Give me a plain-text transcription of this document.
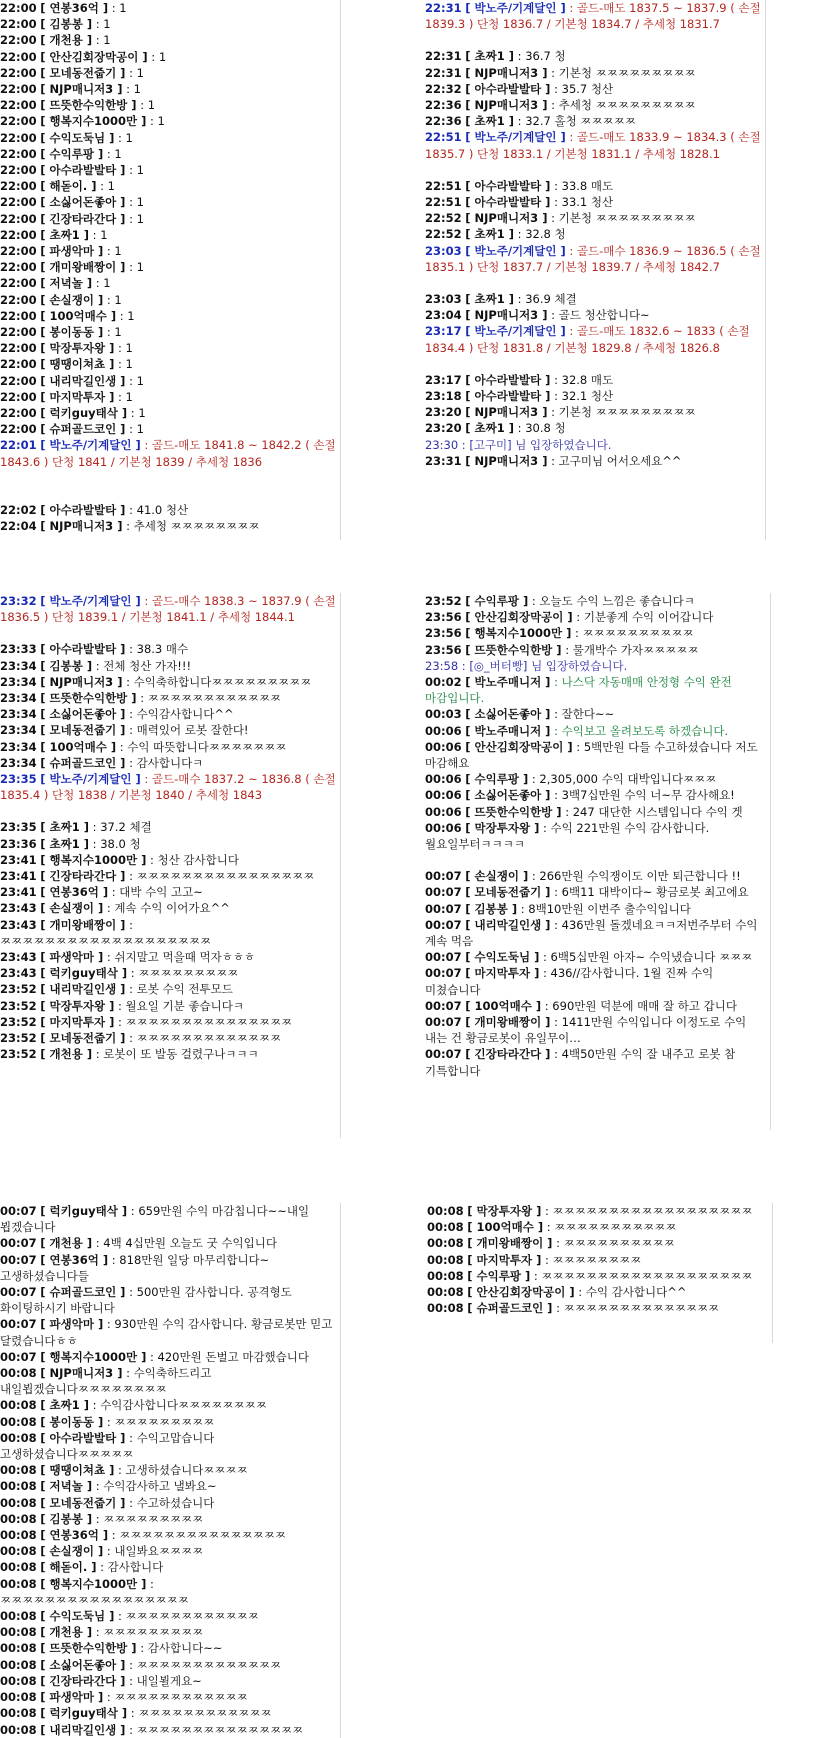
22:00 [ 연봉36억 ] : 1
22:00 [ 김봉봉 ] : 1
22:00 [ 개천용 ] : 1
22:00 [ 안산김회장막공이 ] : 1
22:00 [ 모네동전줍기 ] : 1
22:00 [ NJP매니저3 ] : 1
22:00 [ 뜨뜻한수익한방 ] : 1
22:00 [ 행복지수1000만 ] : 1
22:00 [ 수익도둑님 ] : 1
22:00 [ 수익루팡 ] : 1
22:00 [ 아수라발발타 ] : 1
22:00 [ 해돋이. ] : 1
22:00 [ 소싫어돈좋아 ] : 1
22:00 [ 긴장타라간다 ] : 1
22:00 [ 초짜1 ] : 1
22:00 [ 파생악마 ] : 1
22:00 [ 개미왕배짱이 ] : 1
22:00 [ 저녁놀 ] : 1
22:00 [ 손실쟁이 ] : 1
22:00 [ 100억매수 ] : 1
22:00 [ 봉이동동 ] : 1
22:00 [ 막장투자왕 ] : 1
22:00 [ 땡땡이쳐쵸 ] : 1
22:00 [ 내리막길인생 ] : 1
22:00 [ 마지막투자 ] : 1
22:00 [ 럭키guy태삭 ] : 1
22:00 [ 슈퍼골드코인 ] : 1
22:01 [ 박노주/기계달인 ] : 골드-매도 1841.8 ~ 1842.2 ( 손절 1843.6 ) 단청 1841 / 기본청 1839 / 추세청 1836
22:02 [ 아수라발발타 ] : 41.0 청산
22:04 [ NJP매니저3 ] : 추세청 ㅉㅉㅉㅉㅉㅉㅉㅉ
22:31 [ 박노주/기계달인 ] : 골드-매도 1837.5 ~ 1837.9 ( 손절 1839.3 ) 단청 1836.7 / 기본청 1834.7 / 추세청 1831.7
22:31 [ 초짜1 ] : 36.7 청
22:31 [ NJP매니저3 ] : 기본청 ㅉㅉㅉㅉㅉㅉㅉㅉㅉ
22:32 [ 아수라발발타 ] : 35.7 청산
22:36 [ NJP매니저3 ] : 추세청 ㅉㅉㅉㅉㅉㅉㅉㅉㅉ
22:36 [ 초짜1 ] : 32.7 홀청 ㅉㅉㅉㅉㅉ
22:51 [ 박노주/기계달인 ] : 골드-매도 1833.9 ~ 1834.3 ( 손절 1835.7 ) 단청 1833.1 / 기본청 1831.1 / 추세청 1828.1
22:51 [ 아수라발발타 ] : 33.8 매도
22:51 [ 아수라발발타 ] : 33.1 청산
22:52 [ NJP매니저3 ] : 기본청 ㅉㅉㅉㅉㅉㅉㅉㅉㅉ
22:52 [ 초짜1 ] : 32.8 청
23:03 [ 박노주/기계달인 ] : 골드-매수 1836.9 ~ 1836.5 ( 손절 1835.1 ) 단청 1837.7 / 기본청 1839.7 / 추세청 1842.7
23:03 [ 초짜1 ] : 36.9 체결
23:04 [ NJP매니저3 ] : 골드 청산합니다~
23:17 [ 박노주/기계달인 ] : 골드-매도 1832.6 ~ 1833 ( 손절 1834.4 ) 단청 1831.8 / 기본청 1829.8 / 추세청 1826.8
23:17 [ 아수라발발타 ] : 32.8 매도
23:18 [ 아수라발발타 ] : 32.1 청산
23:20 [ NJP매니저3 ] : 기본청 ㅉㅉㅉㅉㅉㅉㅉㅉㅉ
23:20 [ 초짜1 ] : 30.8 청
23:30 : [고구미] 님 입장하였습니다.
23:31 [ NJP매니저3 ] : 고구미님 어서오세요^^
23:32 [ 박노주/기계달인 ] : 골드-매수 1838.3 ~ 1837.9 ( 손절 1836.5 ) 단청 1839.1 / 기본청 1841.1 / 추세청 1844.1
23:33 [ 아수라발발타 ] : 38.3 매수
23:34 [ 김봉봉 ] : 전체 청산 가자!!!
23:34 [ NJP매니저3 ] : 수익축하합니다ㅉㅉㅉㅉㅉㅉㅉㅉㅉ
23:34 [ 뜨뜻한수익한방 ] : ㅉㅉㅉㅉㅉㅉㅉㅉㅉㅉㅉㅉ
23:34 [ 소싫어돈좋아 ] : 수익감사합니다^^
23:34 [ 모네동전줍기 ] : 매력있어 로봇 잘한다!
23:34 [ 100억매수 ] : 수익 따뜻합니다ㅉㅉㅉㅉㅉㅉㅉ
23:34 [ 슈퍼골드코인 ] : 감사합니다ㅋ
23:35 [ 박노주/기계달인 ] : 골드-매수 1837.2 ~ 1836.8 ( 손절 1835.4 ) 단청 1838 / 기본청 1840 / 추세청 1843
23:35 [ 초짜1 ] : 37.2 체결
23:36 [ 초짜1 ] : 38.0 청
23:41 [ 행복지수1000만 ] : 청산 감사합니다
23:41 [ 긴장타라간다 ] : ㅉㅉㅉㅉㅉㅉㅉㅉㅉㅉㅉㅉㅉㅉㅉㅉ
23:41 [ 연봉36억 ] : 대박 수익 고고~
23:43 [ 손실쟁이 ] : 계속 수익 이어가요^^
23:43 [ 개미왕배짱이 ] : ㅉㅉㅉㅉㅉㅉㅉㅉㅉㅉㅉㅉㅉㅉㅉㅉㅉㅉㅉ
23:43 [ 파생악마 ] : 쉬지말고 먹을때 먹자ㅎㅎㅎ
23:43 [ 럭키guy태삭 ] : ㅉㅉㅉㅉㅉㅉㅉㅉㅉ
23:52 [ 내리막길인생 ] : 로봇 수익 전투모드
23:52 [ 막장투자왕 ] : 월요일 기분 좋습니다ㅋ
23:52 [ 마지막투자 ] : ㅉㅉㅉㅉㅉㅉㅉㅉㅉㅉㅉㅉㅉㅉㅉ
23:52 [ 모네동전줍기 ] : ㅉㅉㅉㅉㅉㅉㅉㅉㅉㅉㅉㅉㅉ
23:52 [ 개천용 ] : 로봇이 또 발동 걸렸구나ㅋㅋㅋ
23:52 [ 수익루팡 ] : 오늘도 수익 느낌은 좋습니다ㅋ
23:56 [ 안산김회장막공이 ] : 기분좋게 수익 이어갑니다
23:56 [ 행복지수1000만 ] : ㅉㅉㅉㅉㅉㅉㅉㅉㅉㅉ
23:56 [ 뜨뜻한수익한방 ] : 물개박수 가자ㅉㅉㅉㅉㅉ
23:58 : [◎_버터빵] 님 입장하였습니다.
00:02 [ 박노주매니저 ] : 나스닥 자동매매 안정형 수익 완전 마감입니다.
00:03 [ 소싫어돈좋아 ] : 잘한다~~
00:06 [ 박노주매니저 ] : 수익보고 올려보도록 하겠습니다.
00:06 [ 안산김회장막공이 ] : 5백만원 다들 수고하셨습니다 저도 마감해요
00:06 [ 수익루팡 ] : 2,305,000 수익 대박입니다ㅉㅉㅉ
00:06 [ 소싫어돈좋아 ] : 3백7십만원 수익 너~무 감사해요!
00:06 [ 뜨뜻한수익한방 ] : 247 대단한 시스템입니다 수익 겟
00:06 [ 막장투자왕 ] : 수익 221만원 수익 감사합니다. 월요일부터ㅋㅋㅋㅋ
00:07 [ 손실쟁이 ] : 266만원 수익쟁이도 이만 퇴근합니다 !!
00:07 [ 모네동전줍기 ] : 6백11 대박이다~ 황금로봇 최고에요
00:07 [ 김봉봉 ] : 8백10만원 이번주 출수익입니다
00:07 [ 내리막길인생 ] : 436만원 돌겠네요ㅋㅋ저번주부터 수익 계속 먹음
00:07 [ 수익도둑님 ] : 6백5십만원 아자~ 수익냈습니다 ㅉㅉㅉ
00:07 [ 마지막투자 ] : 436//감사합니다. 1월 진짜 수익 미쳤습니다
00:07 [ 100억매수 ] : 690만원 덕분에 매매 잘 하고 갑니다
00:07 [ 개미왕배짱이 ] : 1411만원 수익입니다 이정도로 수익 내는 건 황금로봇이 유일무이…
00:07 [ 긴장타라간다 ] : 4백50만원 수익 잘 내주고 로봇 참 기특합니다
00:07 [ 럭키guy태삭 ] : 659만원 수익 마감칩니다~~내일 뵙겠습니다
00:07 [ 개천용 ] : 4백 4십만원 오늘도 굿 수익입니다
00:07 [ 연봉36억 ] : 818만원 일당 마무리합니다~고생하셨습니다들
00:07 [ 슈퍼골드코인 ] : 500만원 감사합니다. 공격형도 화이팅하시기 바랍니다
00:07 [ 파생악마 ] : 930만원 수익 감사합니다. 황금로봇만 믿고 달렸습니다ㅎㅎ
00:07 [ 행복지수1000만 ] : 420만원 돈벌고 마감했습니다
00:08 [ NJP매니저3 ] : 수익축하드리고 내일뵙겠습니다ㅉㅉㅉㅉㅉㅉㅉㅉ
00:08 [ 초짜1 ] : 수익감사합니다ㅉㅉㅉㅉㅉㅉㅉㅉ
00:08 [ 봉이동동 ] : ㅉㅉㅉㅉㅉㅉㅉㅉㅉ
00:08 [ 아수라발발타 ] : 수익고맙습니다 고생하셨습니다ㅉㅉㅉㅉㅉ
00:08 [ 땡땡이쳐쵸 ] : 고생하셨습니다ㅉㅉㅉㅉ
00:08 [ 저녁놀 ] : 수익감사하고 낼봐요~
00:08 [ 모네동전줍기 ] : 수고하셨습니다
00:08 [ 김봉봉 ] : ㅉㅉㅉㅉㅉㅉㅉㅉㅉ
00:08 [ 연봉36억 ] : ㅉㅉㅉㅉㅉㅉㅉㅉㅉㅉㅉㅉㅉㅉㅉ
00:08 [ 손실쟁이 ] : 내일봐요ㅉㅉㅉㅉ
00:08 [ 해돋이. ] : 감사합니다
00:08 [ 행복지수1000만 ] : ㅉㅉㅉㅉㅉㅉㅉㅉㅉㅉㅉㅉㅉㅉㅉㅉㅉ
00:08 [ 수익도둑님 ] : ㅉㅉㅉㅉㅉㅉㅉㅉㅉㅉㅉㅉ
00:08 [ 개천용 ] : ㅉㅉㅉㅉㅉㅉㅉㅉㅉ
00:08 [ 뜨뜻한수익한방 ] : 감사합니다~~
00:08 [ 소싫어돈좋아 ] : ㅉㅉㅉㅉㅉㅉㅉㅉㅉㅉㅉㅉㅉ
00:08 [ 긴장타라간다 ] : 내일뵐게요~
00:08 [ 파생악마 ] : ㅉㅉㅉㅉㅉㅉㅉㅉㅉㅉㅉㅉ
00:08 [ 럭키guy태삭 ] : ㅉㅉㅉㅉㅉㅉㅉㅉㅉㅉㅉㅉ
00:08 [ 내리막길인생 ] : ㅉㅉㅉㅉㅉㅉㅉㅉㅉㅉㅉㅉㅉㅉㅉ
00:08 [ 막장투자왕 ] : ㅉㅉㅉㅉㅉㅉㅉㅉㅉㅉㅉㅉㅉㅉㅉㅉㅉㅉ
00:08 [ 100억매수 ] : ㅉㅉㅉㅉㅉㅉㅉㅉㅉㅉㅉ
00:08 [ 개미왕배짱이 ] : ㅉㅉㅉㅉㅉㅉㅉㅉㅉㅉ
00:08 [ 마지막투자 ] : ㅉㅉㅉㅉㅉㅉㅉㅉ
00:08 [ 수익루팡 ] : ㅉㅉㅉㅉㅉㅉㅉㅉㅉㅉㅉㅉㅉㅉㅉㅉㅉㅉㅉ
00:08 [ 안산김회장막공이 ] : 수익 감사합니다^^
00:08 [ 슈퍼골드코인 ] : ㅉㅉㅉㅉㅉㅉㅉㅉㅉㅉㅉㅉㅉㅉ
